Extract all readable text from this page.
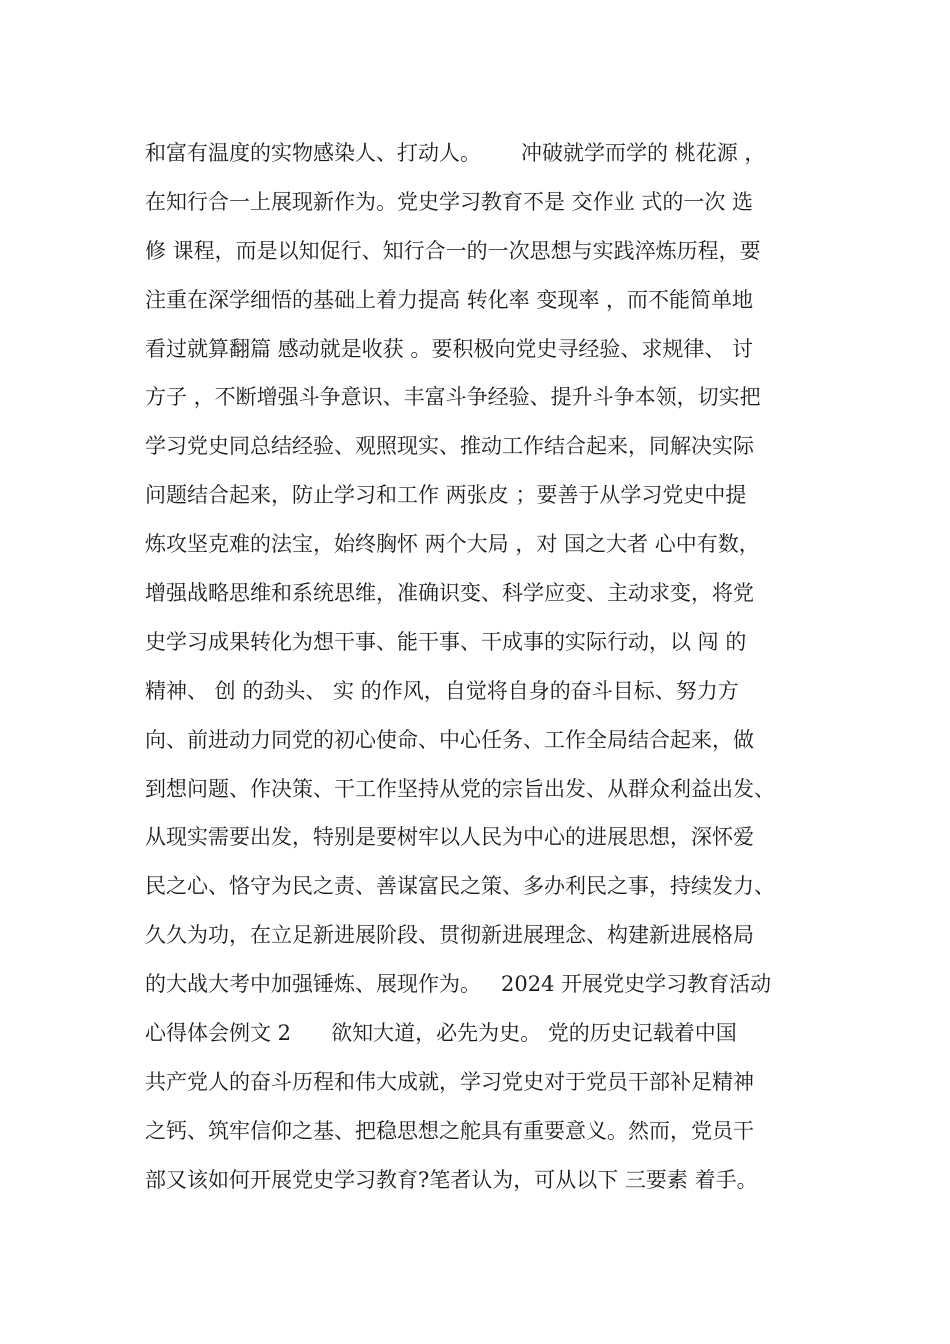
和富有温度的实物感染人、打动人。      冲破就学而学的 桃花源 ，
在知行合一上展现新作为。党史学习教育不是 交作业 式的一次 选
修 课程，而是以知促行、知行合一的一次思想与实践淬炼历程，要
注重在深学细悟的基础上着力提高 转化率 变现率 ，而不能简单地
看过就算翻篇 感动就是收获 。要积极向党史寻经验、求规律、 讨
方子 ，不断增强斗争意识、丰富斗争经验、提升斗争本领，切实把
学习党史同总结经验、观照现实、推动工作结合起来，同解决实际
问题结合起来，防止学习和工作 两张皮 ；要善于从学习党史中提
炼攻坚克难的法宝，始终胸怀 两个大局 ，对 国之大者 心中有数，
增强战略思维和系统思维，准确识变、科学应变、主动求变，将党
史学习成果转化为想干事、能干事、干成事的实际行动，以 闯 的
精神、 创 的劲头、 实 的作风，自觉将自身的奋斗目标、努力方
向、前进动力同党的初心使命、中心任务、工作全局结合起来，做
到想问题、作决策、干工作坚持从党的宗旨出发、从群众利益出发、
从现实需要出发，特别是要树牢以人民为中心的进展思想，深怀爱
民之心、恪守为民之责、善谋富民之策、多办利民之事，持续发力、
久久为功，在立足新进展阶段、贯彻新进展理念、构建新进展格局
的大战大考中加强锤炼、展现作为。   2024 开展党史学习教育活动
心得体会例文 2      欲知大道，必先为史。 党的历史记载着中国
共产党人的奋斗历程和伟大成就，学习党史对于党员干部补足精神
之钙、筑牢信仰之基、把稳思想之舵具有重要意义。然而，党员干
部又该如何开展党史学习教育?笔者认为，可从以下 三要素 着手。
